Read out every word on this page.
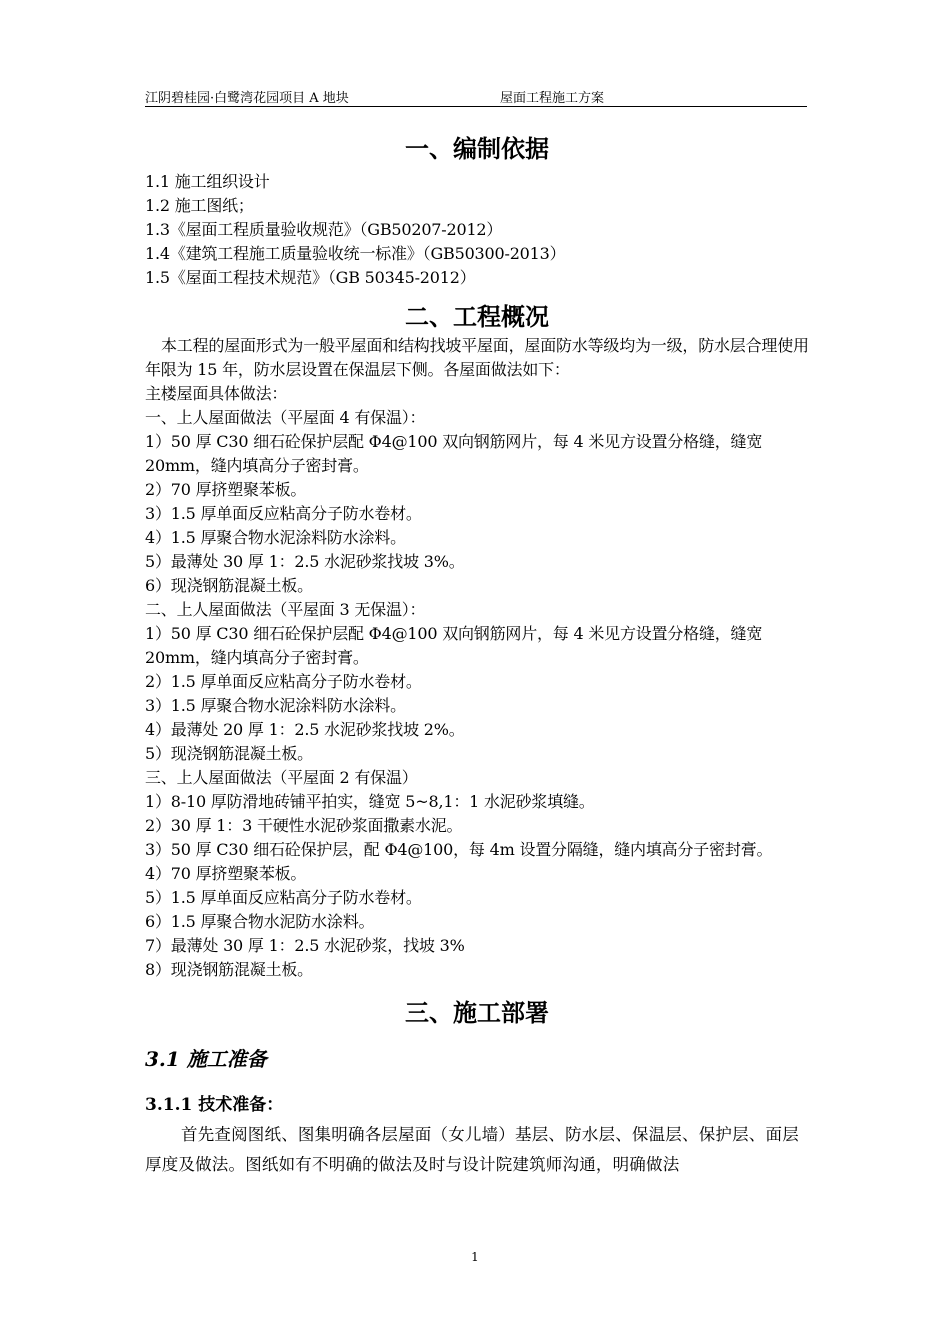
江阴碧桂园·白鹭湾花园项目 A 地块	屋面工程施工方案
一、编制依据

1.1 施工组织设计

1.2 施工图纸；

1.3《屋面工程质量验收规范》（GB50207-2012）

1.4《建筑工程施工质量验收统一标准》（GB50300-2013）

1.5《屋面工程技术规范》（GB 50345-2012）

二、工程概况

本工程的屋面形式为一般平屋面和结构找坡平屋面，屋面防水等级均为一级，防水层合理使用年限为 15 年，防水层设置在保温层下侧。各屋面做法如下：

主楼屋面具体做法：

一、上人屋面做法（平屋面 4 有保温）：

1）50 厚 C30 细石砼保护层配 Φ4@100 双向钢筋网片，每 4 米见方设置分格缝，缝宽 20mm，缝内填高分子密封膏。

2）70 厚挤塑聚苯板。

3）1.5 厚单面反应粘高分子防水卷材。

4）1.5 厚聚合物水泥涂料防水涂料。

5）最薄处 30 厚 1：2.5 水泥砂浆找坡 3%。

6）现浇钢筋混凝土板。

二、上人屋面做法（平屋面 3 无保温）：

1）50 厚 C30 细石砼保护层配 Φ4@100 双向钢筋网片，每 4 米见方设置分格缝，缝宽 20mm，缝内填高分子密封膏。

2）1.5 厚单面反应粘高分子防水卷材。

3）1.5 厚聚合物水泥涂料防水涂料。

4）最薄处 20 厚 1：2.5 水泥砂浆找坡 2%。

5）现浇钢筋混凝土板。

三、上人屋面做法（平屋面 2 有保温）

1）8-10 厚防滑地砖铺平拍实，缝宽 5~8,1：1 水泥砂浆填缝。

2）30 厚 1：3 干硬性水泥砂浆面撒素水泥。

3）50 厚 C30 细石砼保护层，配 Φ4@100，每 4m 设置分隔缝，缝内填高分子密封膏。

4）70 厚挤塑聚苯板。

5）1.5 厚单面反应粘高分子防水卷材。

6）1.5 厚聚合物水泥防水涂料。

7）最薄处 30 厚 1：2.5 水泥砂浆，找坡 3%

8）现浇钢筋混凝土板。

三、施工部署
3.1 施工准备
3.1.1 技术准备：

首先查阅图纸、图集明确各层屋面（女儿墙）基层、防水层、保温层、保护层、面层厚度及做法。图纸如有不明确的做法及时与设计院建筑师沟通，明确做法

1
